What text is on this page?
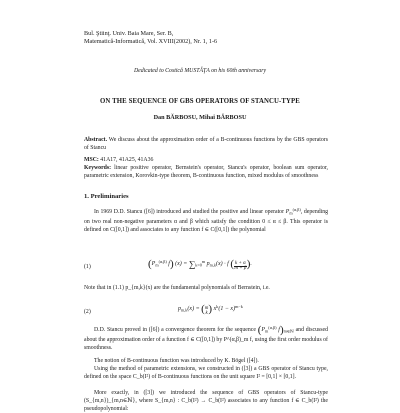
Bul. Ştiinţ. Univ. Baia Mare, Ser. B,
Matematică-Informatică, Vol. XVIII(2002), Nr. 1, 1-6
Dedicated to Costică MUSTĂŢA on his 60th anniversary
ON THE SEQUENCE OF GBS OPERATORS OF STANCU-TYPE
Dan BĂRBOSU, Mihai BĂRBOSU
Abstract. We discuss about the approximation order of a B-continuous functions by the GBS operators of Stancu
MSC: 41A17, 41A25, 41A36
Keywords: linear positive operator, Bernstein's operator, Stancu's operator, boolean sum operator, parametric extension, Korovkin-type theorem, B-continuous function, mixed modulus of smoothness
1. Preliminaries
In 1969 D.D. Stancu ([6]) introduced and studied the positive and linear operator $P_m^{(\alpha,\beta)}$, depending on two real non-negative parameters α and β which satisfy the condition 0 ≤ α ≤ β. This operator is defined on C([0,1]) and associates to any function f ∈ C([0,1]) the polynomial
(1)	($P_m^{(\alpha,\beta)}$ f) $(x) = \sum_{k=0}^m$ $p_{m,k}(x) \cdot f$ (k + α
m + β).
Note that in (1.1) p_{m,k}(x) are the fundamental polynomials of Bernstein, i.e.
(2)	$p_{m,k}(x) = (m$
k) $x^k(1 - x)^{m-k}$
D.D. Stancu proved in ([6]) a convergence theorem for the sequence ($P_m^{(\alpha,\beta)}$ $f)_{m\in ℕ}$ and discussed about the approximation order of a function f ∈ C([0,1]) by P^(α,β)_m f, using the first order modulus of smoothness.
The notion of B-continuous function was introduced by K. Bögel ([4]).
Using the method of parametric extensions, we constructed in ([3]) a GBS operator of Stancu type, defined on the space C_b(I²) of B-continuous functions on the unit square I² = [0,1] × [0,1].
More exactly, in ([3]) we introduced the sequence of GBS operators of Stancu-type (S_{m,n})_{m,n∈ℕ}, where S_{m,n} : C_b(I²) → C_b(I²) associates to any function f ∈ C_b(I²) the pseudopolynomial:
